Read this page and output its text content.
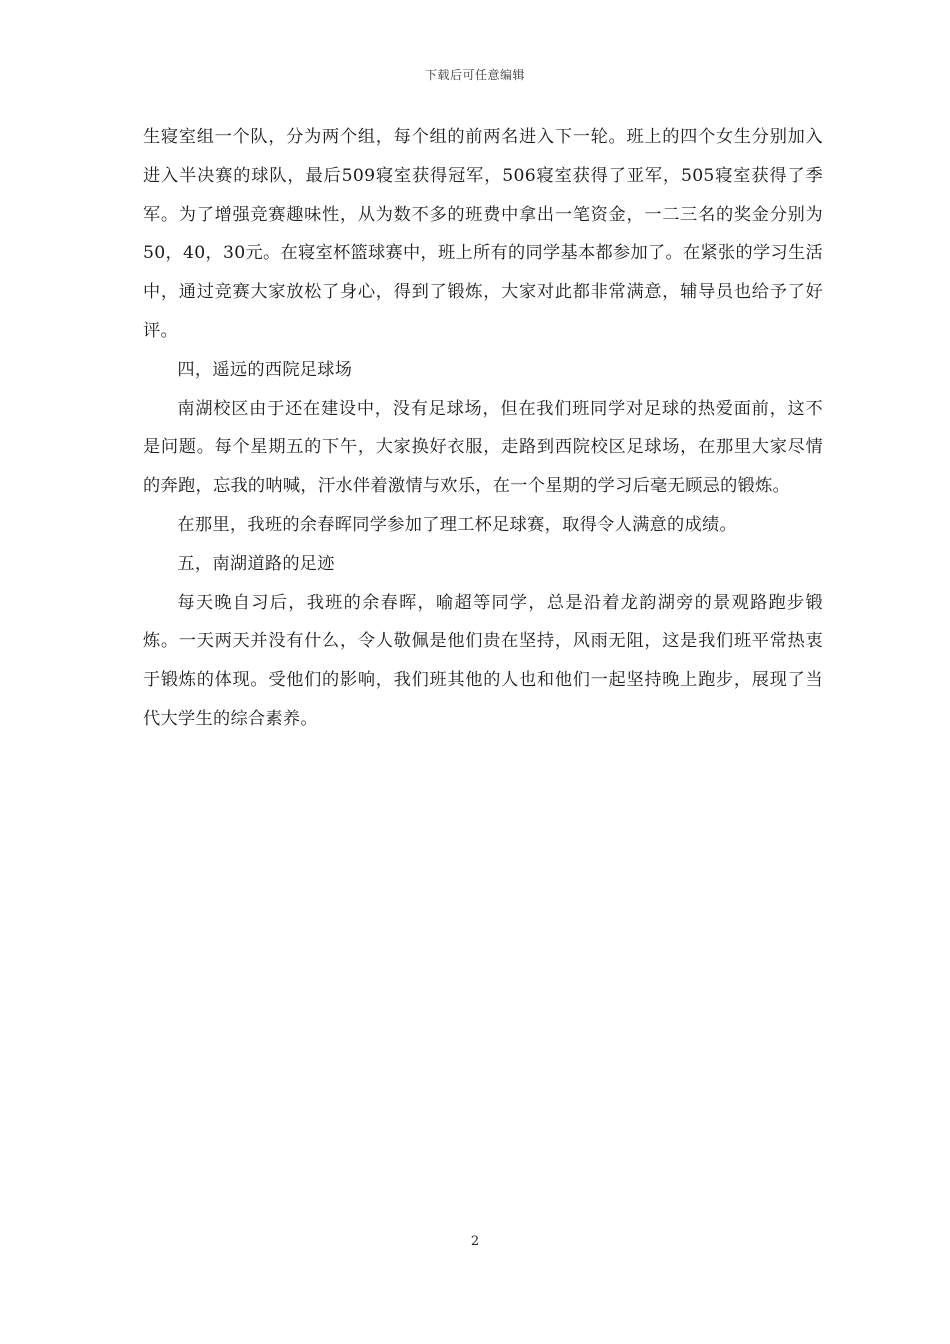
下载后可任意编辑

生寝室组一个队，分为两个组，每个组的前两名进入下一轮。班上的四个女生分别加入进入半决赛的球队，最后509寝室获得冠军，506寝室获得了亚军，505寝室获得了季军。为了增强竞赛趣味性，从为数不多的班费中拿出一笔资金，一二三名的奖金分别为50，40，30元。在寝室杯篮球赛中，班上所有的同学基本都参加了。在紧张的学习生活中，通过竞赛大家放松了身心，得到了锻炼，大家对此都非常满意，辅导员也给予了好评。

四，遥远的西院足球场

南湖校区由于还在建设中，没有足球场，但在我们班同学对足球的热爱面前，这不是问题。每个星期五的下午，大家换好衣服，走路到西院校区足球场，在那里大家尽情的奔跑，忘我的呐喊，汗水伴着激情与欢乐，在一个星期的学习后毫无顾忌的锻炼。

在那里，我班的余春晖同学参加了理工杯足球赛，取得令人满意的成绩。

五，南湖道路的足迹

每天晚自习后，我班的余春晖，喻超等同学，总是沿着龙韵湖旁的景观路跑步锻炼。一天两天并没有什么，令人敬佩是他们贵在坚持，风雨无阻，这是我们班平常热衷于锻炼的体现。受他们的影响，我们班其他的人也和他们一起坚持晚上跑步，展现了当代大学生的综合素养。

2
